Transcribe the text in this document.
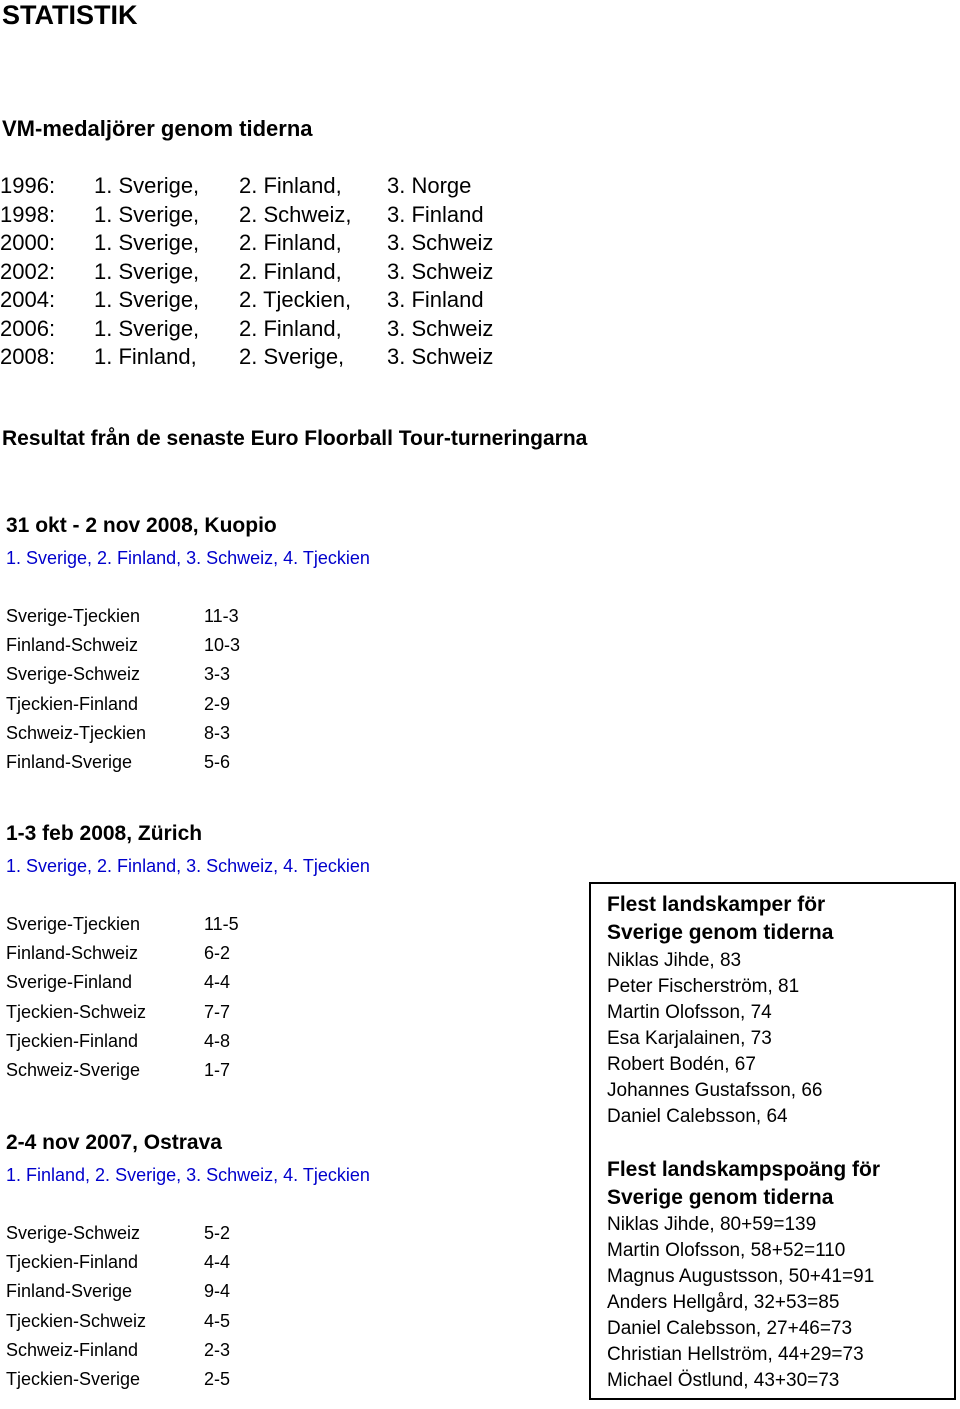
STATISTIK
VM-medaljörer genom tiderna
1996: 1. Sverige, 2. Finland, 3. Norge
1998: 1. Sverige, 2. Schweiz, 3. Finland
2000: 1. Sverige, 2. Finland, 3. Schweiz
2002: 1. Sverige, 2. Finland, 3. Schweiz
2004: 1. Sverige, 2. Tjeckien, 3. Finland
2006: 1. Sverige, 2. Finland, 3. Schweiz
2008: 1. Finland, 2. Sverige, 3. Schweiz
Resultat från de senaste Euro Floorball Tour-turneringarna
31 okt - 2 nov 2008, Kuopio
1. Sverige, 2. Finland, 3. Schweiz, 4. Tjeckien
Sverige-Tjeckien	11-3
Finland-Schweiz	10-3
Sverige-Schweiz	3-3
Tjeckien-Finland	2-9
Schweiz-Tjeckien	8-3
Finland-Sverige	5-6
1-3 feb 2008, Zürich
1. Sverige, 2. Finland, 3. Schweiz, 4. Tjeckien
Sverige-Tjeckien	11-5
Finland-Schweiz	6-2
Sverige-Finland	4-4
Tjeckien-Schweiz	7-7
Tjeckien-Finland	4-8
Schweiz-Sverige	1-7
2-4 nov 2007, Ostrava
1. Finland, 2. Sverige, 3. Schweiz, 4. Tjeckien
Sverige-Schweiz	5-2
Tjeckien-Finland	4-4
Finland-Sverige	9-4
Tjeckien-Schweiz	4-5
Schweiz-Finland	2-3
Tjeckien-Sverige	2-5
Flest landskamper för
Sverige genom tiderna
Niklas Jihde, 83
Peter Fischerström, 81
Martin Olofsson, 74
Esa Karjalainen, 73
Robert Bodén, 67
Johannes Gustafsson, 66
Daniel Calebsson, 64
Flest landskampspoäng för
Sverige genom tiderna
Niklas Jihde, 80+59=139
Martin Olofsson, 58+52=110
Magnus Augustsson, 50+41=91
Anders Hellgård, 32+53=85
Daniel Calebsson, 27+46=73
Christian Hellström, 44+29=73
Michael Östlund, 43+30=73
